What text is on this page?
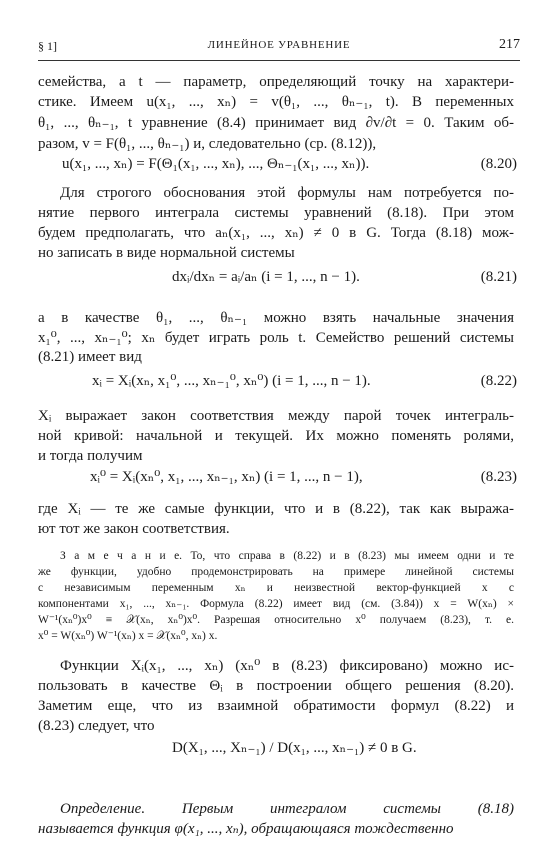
§ 1]	ЛИНЕЙНОЕ УРАВНЕНИЕ	217
семейства, а t — параметр, определяющий точку на характери-
стике. Имеем u(x₁, ..., xₙ) = v(θ₁, ..., θₙ₋₁, t). В переменных
θ₁, ..., θₙ₋₁, t уравнение (8.4) принимает вид ∂v/∂t = 0. Таким об-
разом, v = F(θ₁, ..., θₙ₋₁) и, следовательно (ср. (8.12)),
u(x₁, ..., xₙ) = F(Θ₁(x₁, ..., xₙ), ..., Θₙ₋₁(x₁, ..., xₙ)).	(8.20)
Для строгого обоснования этой формулы нам потребуется по-
нятие первого интеграла системы уравнений (8.18). При этом
будем предполагать, что aₙ(x₁, ..., xₙ) ≠ 0 в G. Тогда (8.18) мож-
но записать в виде нормальной системы
dxᵢ/dxₙ = aᵢ/aₙ (i = 1, ..., n − 1).	(8.21)
а в качестве θ₁, ..., θₙ₋₁ можно взять начальные значения
x₁⁰, ..., xₙ₋₁⁰; xₙ будет играть роль t. Семейство решений системы
(8.21) имеет вид
xᵢ = Xᵢ(xₙ, x₁⁰, ..., xₙ₋₁⁰, xₙ⁰) (i = 1, ..., n − 1).	(8.22)
Xᵢ выражает закон соответствия между парой точек интеграль-
ной кривой: начальной и текущей. Их можно поменять ролями,
и тогда получим
xᵢ⁰ = Xᵢ(xₙ⁰, x₁, ..., xₙ₋₁, xₙ) (i = 1, ..., n − 1),	(8.23)
где Xᵢ — те же самые функции, что и в (8.22), так как выража-
ют тот же закон соответствия.
З а м е ч а н и е. То, что справа в (8.22) и в (8.23) мы имеем одни и те
же функции, удобно продемонстрировать на примере линейной системы
с независимым переменным xₙ и неизвестной вектор-функцией x с
компонентами x₁, ..., xₙ₋₁. Формула (8.22) имеет вид (см. (3.84)) x = W(xₙ) ×
W⁻¹(xₙ⁰)x⁰ ≡ 𝒳(xₙ, xₙ⁰)x⁰. Разрешая относительно x⁰ получаем (8.23), т. е.
x⁰ = W(xₙ⁰) W⁻¹(xₙ) x = 𝒳(xₙ⁰, xₙ) x.
Функции Xᵢ(x₁, ..., xₙ) (xₙ⁰ в (8.23) фиксировано) можно ис-
пользовать в качестве Θᵢ в построении общего решения (8.20).
Заметим еще, что из взаимной обратимости формул (8.22) и
(8.23) следует, что
D(X₁, ..., Xₙ₋₁) / D(x₁, ..., xₙ₋₁) ≠ 0 в G.
Определение. Первым интегралом системы (8.18)
называется функция φ(x₁, ..., xₙ), обращающаяся тождественно
